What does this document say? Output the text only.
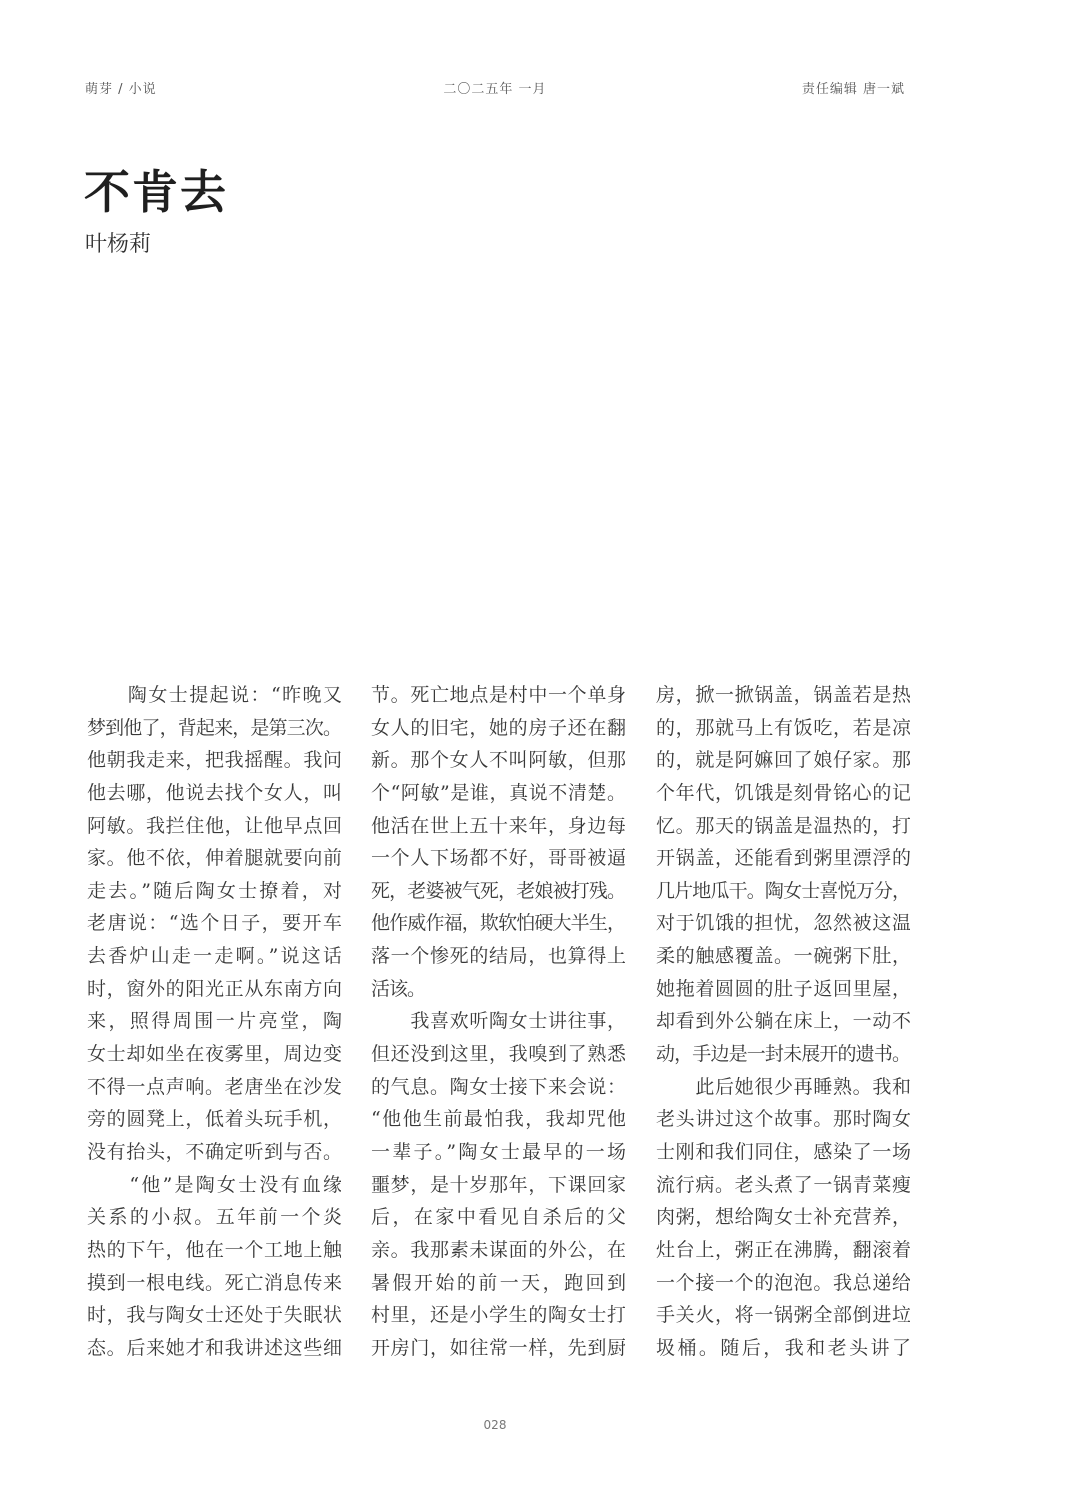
萌芽 / 小说	二〇二五年 一月	责任编辑 唐一斌
不肯去
叶杨莉
　　陶女士提起说：“昨晚又
梦到他了，背起来，是第三次。
他朝我走来，把我摇醒。我问
他去哪，他说去找个女人，叫
阿敏。我拦住他，让他早点回
家。他不依，伸着腿就要向前
走去。”随后陶女士撩着，对
老唐说：“选个日子，要开车
去香炉山走一走啊。”说这话
时，窗外的阳光正从东南方向
来，照得周围一片亮堂，陶
女士却如坐在夜雾里，周边变
不得一点声响。老唐坐在沙发
旁的圆凳上，低着头玩手机，
没有抬头，不确定听到与否。
　　“他”是陶女士没有血缘
关系的小叔。五年前一个炎
热的下午，他在一个工地上触
摸到一根电线。死亡消息传来
时，我与陶女士还处于失眠状
态。后来她才和我讲述这些细
节。死亡地点是村中一个单身
女人的旧宅，她的房子还在翻
新。那个女人不叫阿敏，但那
个“阿敏”是谁，真说不清楚。
他活在世上五十来年，身边每
一个人下场都不好，哥哥被逼
死，老婆被气死，老娘被打残。
他作威作福，欺软怕硬大半生，
落一个惨死的结局，也算得上
活该。
　　我喜欢听陶女士讲往事，
但还没到这里，我嗅到了熟悉
的气息。陶女士接下来会说：
“他他生前最怕我，我却咒他
一辈子。”陶女士最早的一场
噩梦，是十岁那年，下课回家
后，在家中看见自杀后的父
亲。我那素未谋面的外公，在
暑假开始的前一天，跑回到
村里，还是小学生的陶女士打
开房门，如往常一样，先到厨
房，掀一掀锅盖，锅盖若是热
的，那就马上有饭吃，若是凉
的，就是阿嫲回了娘仔家。那
个年代，饥饿是刻骨铭心的记
忆。那天的锅盖是温热的，打
开锅盖，还能看到粥里漂浮的
几片地瓜干。陶女士喜悦万分，
对于饥饿的担忧，忽然被这温
柔的触感覆盖。一碗粥下肚，
她拖着圆圆的肚子返回里屋，
却看到外公躺在床上，一动不
动，手边是一封未展开的遗书。
　　此后她很少再睡熟。我和
老头讲过这个故事。那时陶女
士刚和我们同住，感染了一场
流行病。老头煮了一锅青菜瘦
肉粥，想给陶女士补充营养，
灶台上，粥正在沸腾，翻滚着
一个接一个的泡泡。我总递给
手关火，将一锅粥全部倒进垃
圾桶。随后，我和老头讲了
028
